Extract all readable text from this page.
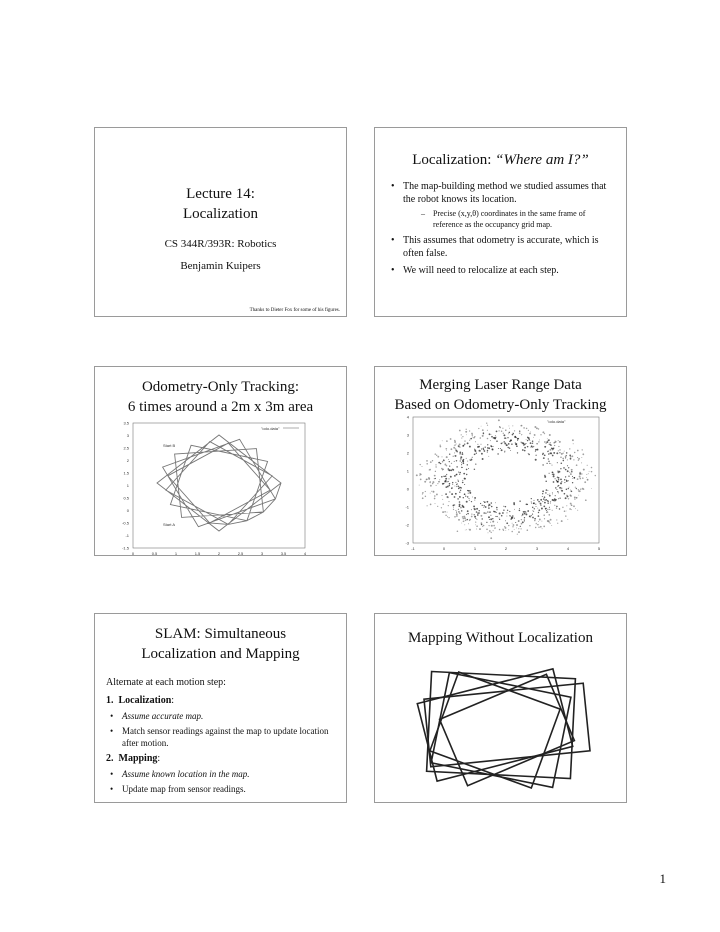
Lecture 14:
Localization
CS 344R/393R: Robotics
Benjamin Kuipers
Thanks to Dieter Fox for some of his figures.
Localization: “Where am I?”
• The map-building method we studied assumes that the robot knows its location.
– Precise (x,y,θ) coordinates in the same frame of reference as the occupancy grid map.
• This assumes that odometry is accurate, which is often false.
• We will need to relocalize at each step.
Odometry-Only Tracking:
6 times around a 2m x 3m area
3.5
3
2.5
2
1.5
1
0.5
0
-0.5
-1
-1.5
0	0.5	1	1.5	2	2.5	3	3.5	4
"odo.data"
Start B
Start A
Merging Laser Range Data
Based on Odometry-Only Tracking
4
3
2
1
0
-1
-2
-3
-1	0	1	2	3	4	5
"odo.data"
SLAM: Simultaneous
Localization and Mapping
Alternate at each motion step:
1. Localization:
• Assume accurate map.
• Match sensor readings against the map to update location after motion.
2. Mapping:
• Assume known location in the map.
• Update map from sensor readings.
Mapping Without Localization
1
